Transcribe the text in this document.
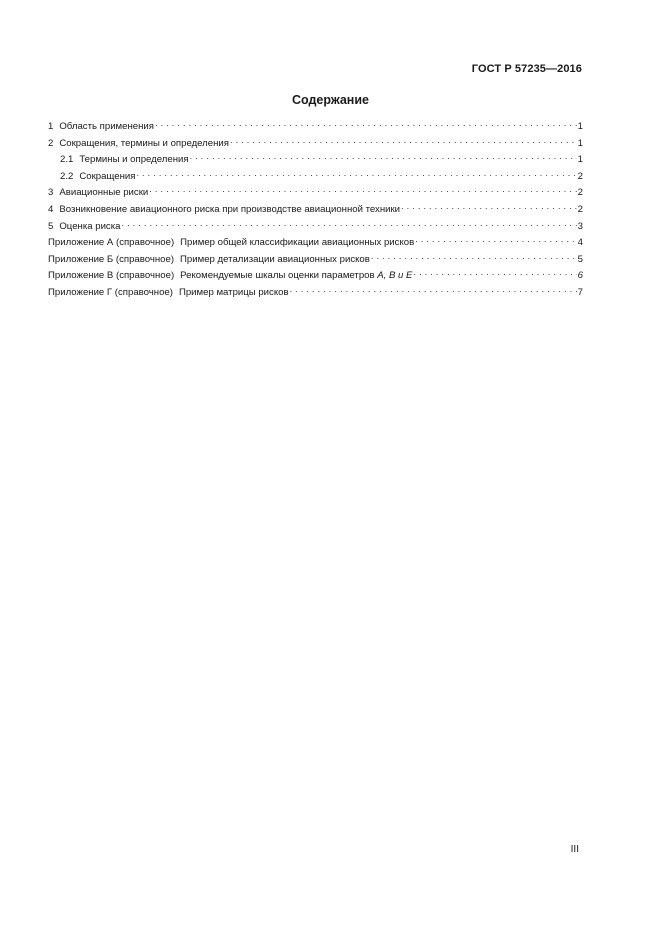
ГОСТ Р 57235—2016
Содержание
1 Область применения . . .	1
2 Сокращения, термины и определения . . .	1
2.1 Термины и определения . . .	1
2.2 Сокращения . . .	2
3 Авиационные риски . . .	2
4 Возникновение авиационного риска при производстве авиационной техники . . .	2
5 Оценка риска . . .	3
Приложение А (справочное) Пример общей классификации авиационных рисков . . .	4
Приложение Б (справочное) Пример детализации авиационных рисков . . .	5
Приложение В (справочное) Рекомендуемые шкалы оценки параметров A, B и E . . .	6
Приложение Г (справочное) Пример матрицы рисков . . .	7
III
